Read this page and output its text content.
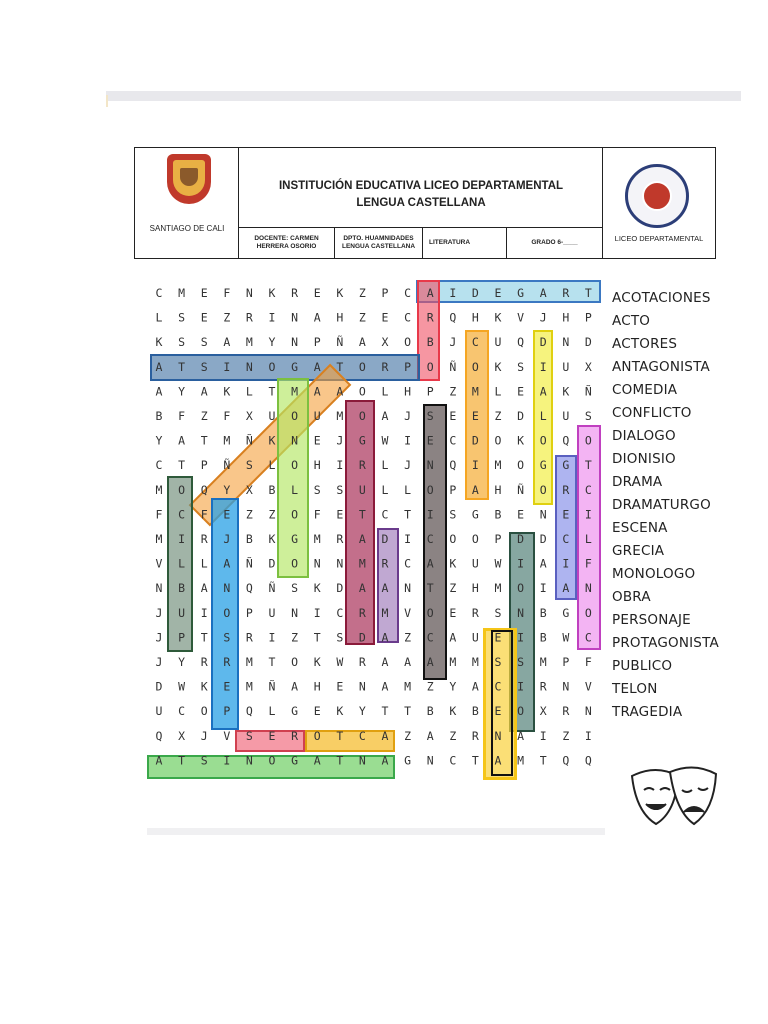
SANTIAGO DE CALI
INSTITUCIÓN EDUCATIVA LICEO DEPARTAMENTAL
LENGUA CASTELLANA
DOCENTE: CARMEN HERRERA OSORIO
DPTO. HUAMNIDADES LENGUA CASTELLANA
LITERATURA	GRADO 6-____	LICEO DEPARTAMENTAL
C M E F N K R E K Z P C A I D E G A R T
L S E Z R I N A H Z E C R Q H K V J H P
K S S A M Y N P Ñ A X O B J C U Q D N D
A T S I N O G A T O R P O Ñ O K S I U X
A Y A K L T M A A O L H P Z M L E A K Ñ
B F Z F X U O U M O A J S E E Z D L U S
Y A T M Ñ K N E J G W I E C D O K O Q O
C T P Ñ S L O H I R L J N Q I M O G G T
M O Q Y X B L S S U L L O P A H Ñ O R C
F C F E Z Z O F E T C T I S G B E N E I
M I R J B K G M R A D I C O O P D D C L
V L L A Ñ D O N N M R C A K U W I A I F
N B A N Q Ñ S K D A A N T Z H M O I A N
J U I O P U N I C R M V O E R S N B G O
J P T S R I Z T S D A Z C A U E I B W C
J Y R R M T O K W R A A A M M S S M P F
D W K E M Ñ A H E N A M Z Y A C I R N V
U C O P Q L G E K Y T T B K B E O X R N
Q X J V S E R O T C A Z A Z R N A I Z I
A T S I N O G A T N A G N C T A M T Q Q
ACOTACIONES
ACTO
ACTORES
ANTAGONISTA
COMEDIA
CONFLICTO
DIALOGO
DIONISIO
DRAMA
DRAMATURGO
ESCENA
GRECIA
MONOLOGO
OBRA
PERSONAJE
PROTAGONISTA
PUBLICO
TELON
TRAGEDIA
